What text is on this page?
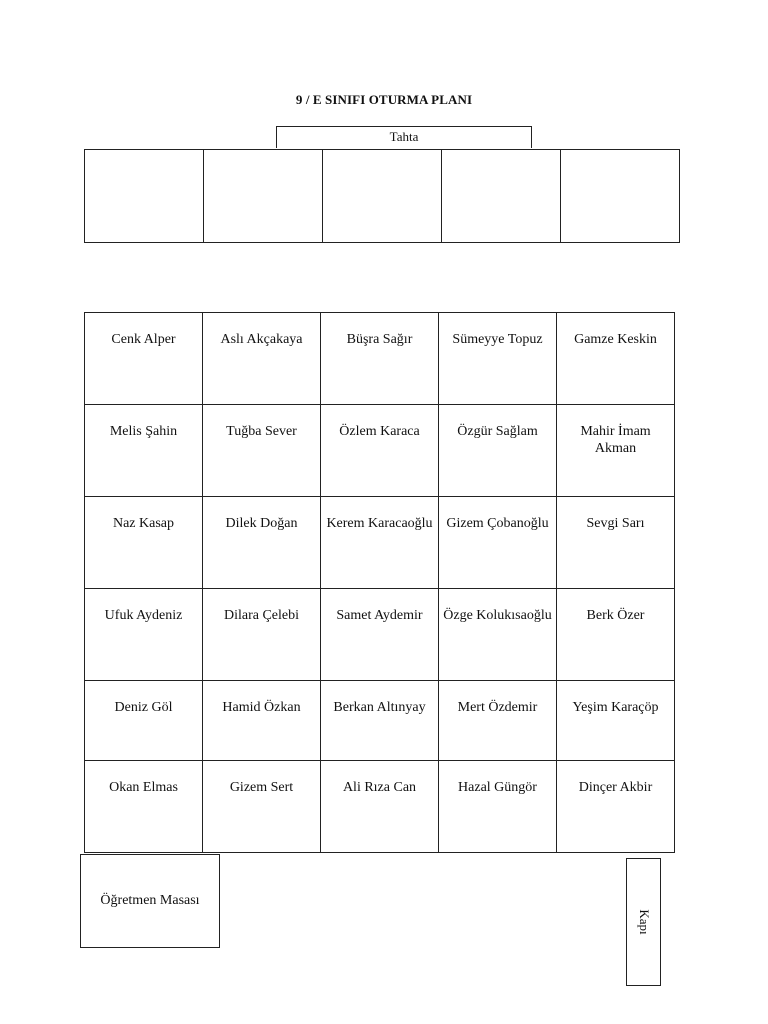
9 / E SINIFI OTURMA PLANI
Tahta

Cenk Alper	Aslı Akçakaya	Büşra Sağır	Sümeyye Topuz	Gamze Keskin
Melis Şahin	Tuğba Sever	Özlem Karaca	Özgür Sağlam	Mahir İmam Akman
Naz Kasap	Dilek Doğan	Kerem Karacaoğlu	Gizem Çobanoğlu	Sevgi Sarı
Ufuk Aydeniz	Dilara Çelebi	Samet Aydemir	Özge Kolukısaoğlu	Berk Özer
Deniz Göl	Hamid Özkan	Berkan Altınyay	Mert Özdemir	Yeşim Karaçöp
Okan Elmas	Gizem Sert	Ali Rıza Can	Hazal Güngör	Dinçer Akbir
Öğretmen Masası
Kapı
